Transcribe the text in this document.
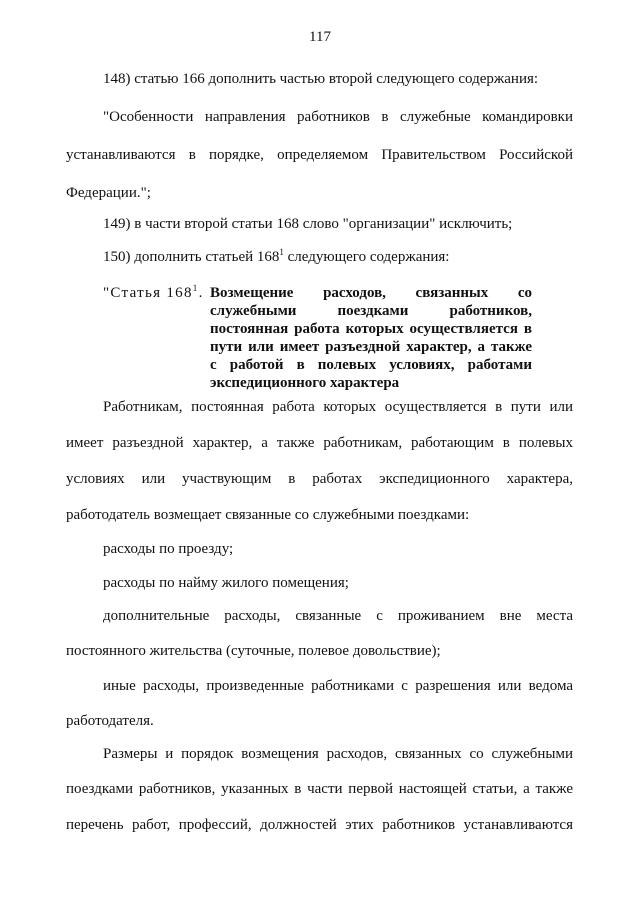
117
148) статью 166 дополнить частью второй следующего содержания:
"Особенности направления работников в служебные командировки
устанавливаются в порядке, определяемом Правительством Российской
Федерации.";
149) в части второй статьи 168 слово "организации" исключить;
150) дополнить статьей $168^1$ следующего содержания:
"Статья $168^1$. Возмещение расходов, связанных со
служебными поездками работников,
постоянная работа которых осуществляется в
пути или имеет разъездной характер, а также
с работой в полевых условиях, работами
экспедиционного характера
Работникам, постоянная работа которых осуществляется в пути или
имеет разъездной характер, а также работникам, работающим в полевых
условиях или участвующим в работах экспедиционного характера,
работодатель возмещает связанные со служебными поездками:
расходы по проезду;
расходы по найму жилого помещения;
дополнительные расходы, связанные с проживанием вне места
постоянного жительства (суточные, полевое довольствие);
иные расходы, произведенные работниками с разрешения или ведома
работодателя.
Размеры и порядок возмещения расходов, связанных со служебными
поездками работников, указанных в части первой настоящей статьи, а также
перечень работ, профессий, должностей этих работников устанавливаются
